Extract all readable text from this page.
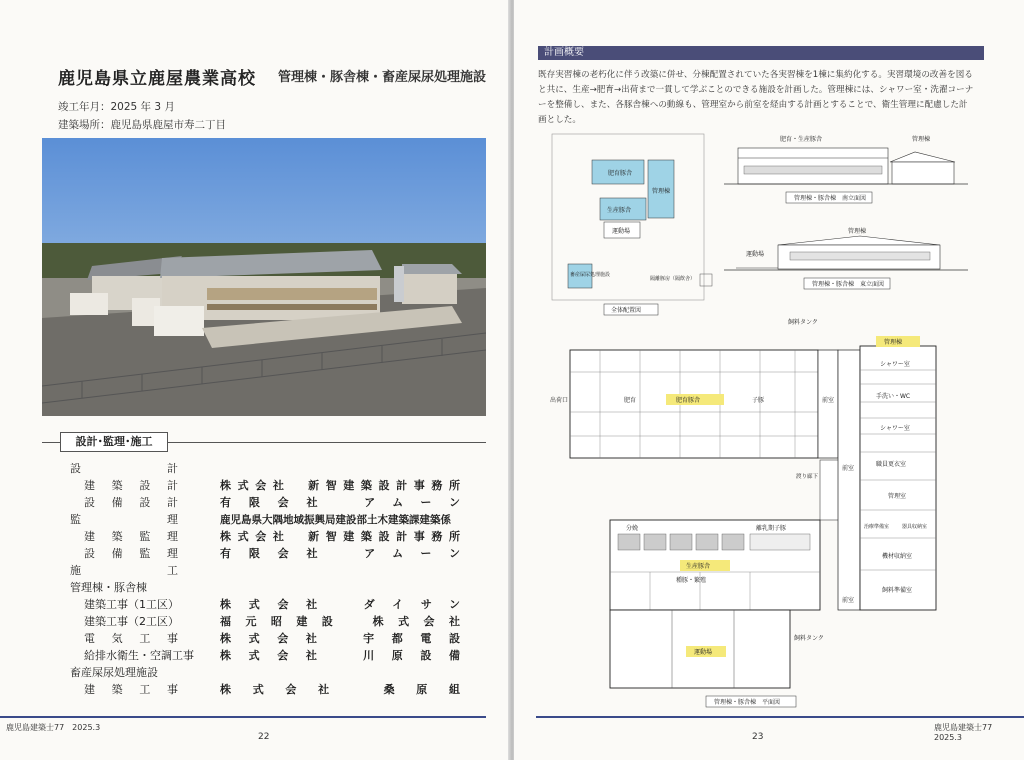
鹿児島県立鹿屋農業高校 管理棟・豚舎棟・畜産屎尿処理施設
竣工年月：2025 年 3 月
建築場所：鹿児島県鹿屋市寿二丁目
設計･監理･施工
設計
建築設計	株式会社　新智建築設計事務所
設備設計	有限会社　アムーン
監理	鹿児島県大隅地域振興局建設部土木建築課建築係
建築監理	株式会社　新智建築設計事務所
設備監理	有限会社　アムーン
施工
管理棟・豚舎棟
建築工事（1工区）	株式会社　ダイサン
建築工事（2工区）	福元昭建設　株式会社
電気工事	株式会社　宇都電設
給排水衛生・空調工事 株式会社　川原設備
畜産屎尿処理施設
建築工事	株式会社　桑原組
鹿児島建築士77　2025.3
22
計画概要
既存実習棟の老朽化に伴う改築に併せ、分棟配置されていた各実習棟を1棟に集約化する。実習環境の改善を図ると共に、生産→肥育→出荷まで一貫して学ぶことのできる施設を計画した。管理棟には、シャワー室・洗濯コーナーを整備し、また、各豚舎棟への動線も、管理室から前室を経由する計画とすることで、衛生管理に配慮した計画とした。
肥育豚舎
管理棟
生産豚舎
運動場
畜産屎尿処理施設
隔離豚房（隔飲舎）
全体配置図
肥育・生産豚舎	管理棟
管理棟・豚舎棟　南立面図
管理棟
運動場
管理棟・豚舎棟　東立面図
出荷口	肥育	肥育豚舎	子豚
飼料タンク
前室
渡り廊下
前室
管理棟
シャワー室
手洗い・WC
シャワー室
職員更衣室
管理室
治療準備室	器具収納室
機材収納室
飼料準備室
前室
分娩	離乳期子豚
生産豚舎
種豚・繁殖
飼料タンク
運動場
管理棟・豚舎棟　平面図
鹿児島建築士77　2025.3
23
